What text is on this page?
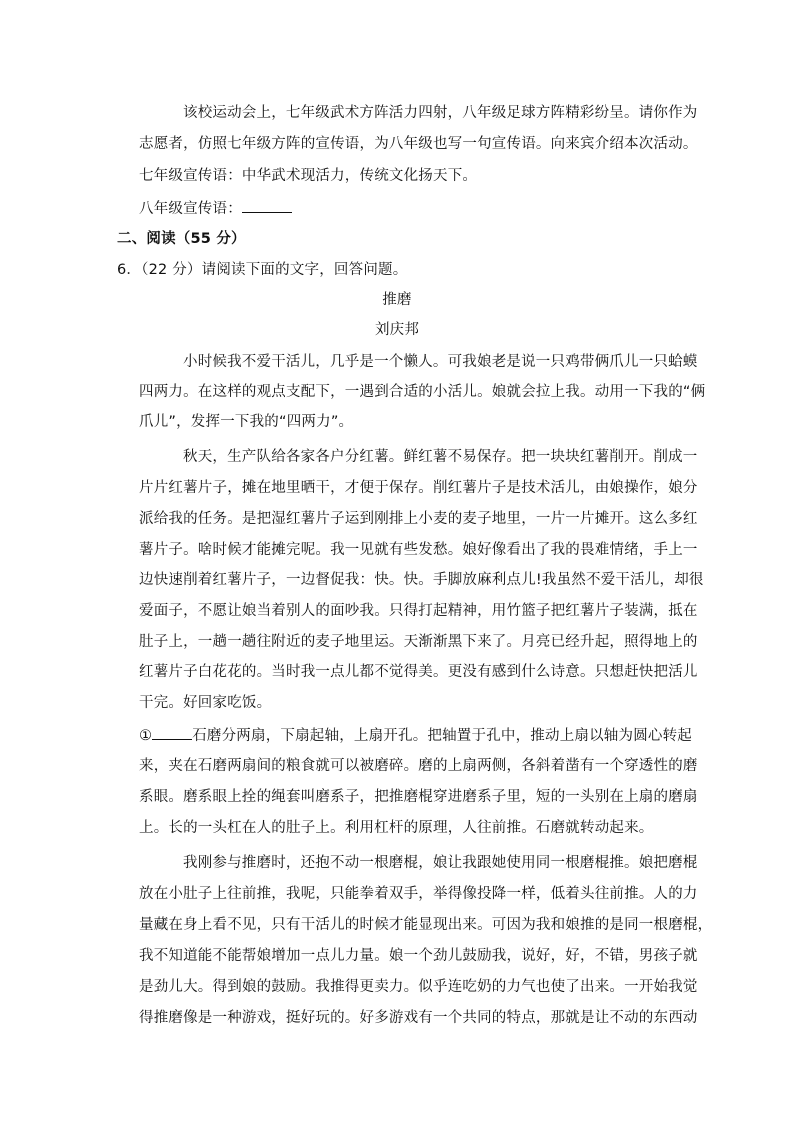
该校运动会上，七年级武术方阵活力四射，八年级足球方阵精彩纷呈。请你作为
志愿者，仿照七年级方阵的宣传语，为八年级也写一句宣传语。向来宾介绍本次活动。
七年级宣传语：中华武术现活力，传统文化扬天下。
八年级宣传语：
二、阅读（55 分）
6．（22 分）请阅读下面的文字，回答问题。
推磨
刘庆邦
小时候我不爱干活儿，几乎是一个懒人。可我娘老是说一只鸡带俩爪儿一只蛤蟆
四两力。在这样的观点支配下，一遇到合适的小活儿。娘就会拉上我。动用一下我的“俩
爪儿”，发挥一下我的“四两力”。
秋天，生产队给各家各户分红薯。鲜红薯不易保存。把一块块红薯削开。削成一
片片红薯片子，摊在地里晒干，才便于保存。削红薯片子是技术活儿，由娘操作，娘分
派给我的任务。是把湿红薯片子运到刚排上小麦的麦子地里，一片一片摊开。这么多红
薯片子。啥时候才能摊完呢。我一见就有些发愁。娘好像看出了我的畏难情绪，手上一
边快速削着红薯片子，一边督促我：快。快。手脚放麻利点儿!我虽然不爱干活儿，却很
爱面子，不愿让娘当着别人的面吵我。只得打起精神，用竹篮子把红薯片子装满，抵在
肚子上，一趟一趟往附近的麦子地里运。天渐渐黑下来了。月亮已经升起，照得地上的
红薯片子白花花的。当时我一点儿都不觉得美。更没有感到什么诗意。只想赶快把活儿
干完。好回家吃饭。
①	石磨分两扇，下扇起轴，上扇开孔。把轴置于孔中，推动上扇以轴为圆心转起
来，夹在石磨两扇间的粮食就可以被磨碎。磨的上扇两侧，各斜着凿有一个穿透性的磨
系眼。磨系眼上拴的绳套叫磨系子，把推磨棍穿进磨系子里，短的一头别在上扇的磨扇
上。长的一头杠在人的肚子上。利用杠杆的原理，人往前推。石磨就转动起来。
我刚参与推磨时，还抱不动一根磨棍，娘让我跟她使用同一根磨棍推。娘把磨棍
放在小肚子上往前推，我呢，只能拳着双手，举得像投降一样，低着头往前推。人的力
量藏在身上看不见，只有干活儿的时候才能显现出来。可因为我和娘推的是同一根磨棍，
我不知道能不能帮娘增加一点儿力量。娘一个劲儿鼓励我，说好，好，不错，男孩子就
是劲儿大。得到娘的鼓励。我推得更卖力。似乎连吃奶的力气也使了出来。一开始我觉
得推磨像是一种游戏，挺好玩的。好多游戏有一个共同的特点，那就是让不动的东西动
